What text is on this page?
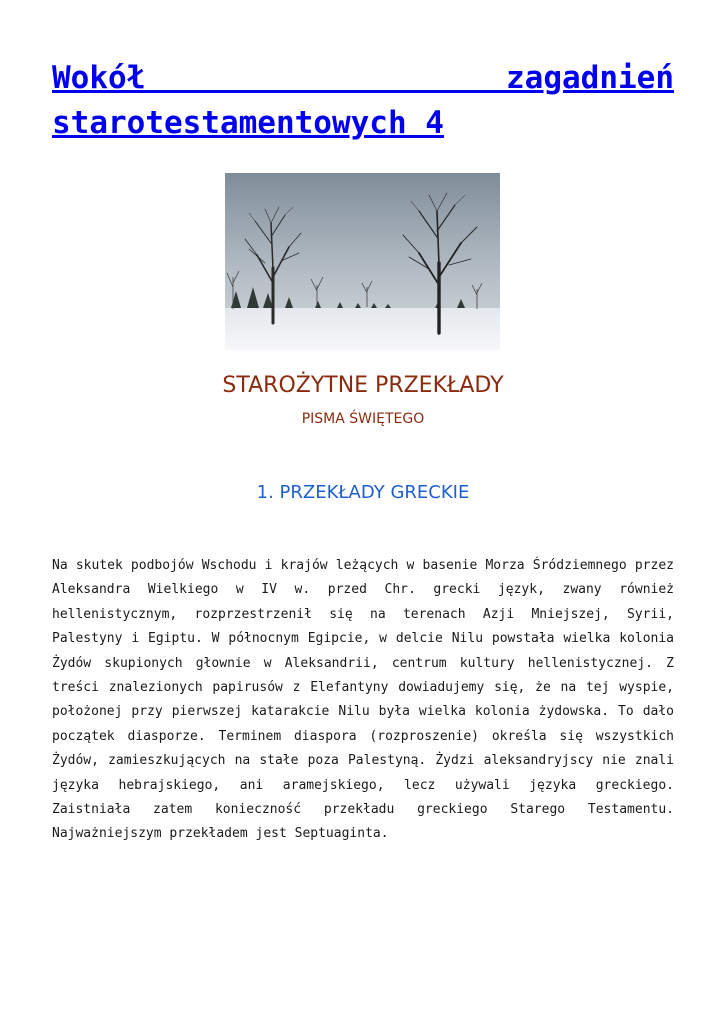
Wokół zagadnień starotestamentowych 4
STAROŻYTNE PRZEKŁADY
PISMA ŚWIĘTEGO
1. PRZEKŁADY GRECKIE

Na skutek podbojów Wschodu i krajów leżących w basenie Morza Śródziemnego przez Aleksandra Wielkiego w IV w. przed Chr. grecki język, zwany również hellenistycznym, rozprzestrzenił się na terenach Azji Mniejszej, Syrii, Palestyny i Egiptu. W północnym Egipcie, w delcie Nilu powstała wielka kolonia Żydów skupionych głownie w Aleksandrii, centrum kultury hellenistycznej. Z treści znalezionych papirusów z Elefantyny dowiadujemy się, że na tej wyspie, położonej przy pierwszej katarakcie Nilu była wielka kolonia żydowska. To dało początek diasporze. Terminem diaspora (rozproszenie) określa się wszystkich Żydów, zamieszkujących na stałe poza Palestyną. Żydzi aleksandryjscy nie znali języka hebrajskiego, ani aramejskiego, lecz używali języka greckiego. Zaistniała zatem konieczność przekładu greckiego Starego Testamentu. Najważniejszym przekładem jest Septuaginta.
